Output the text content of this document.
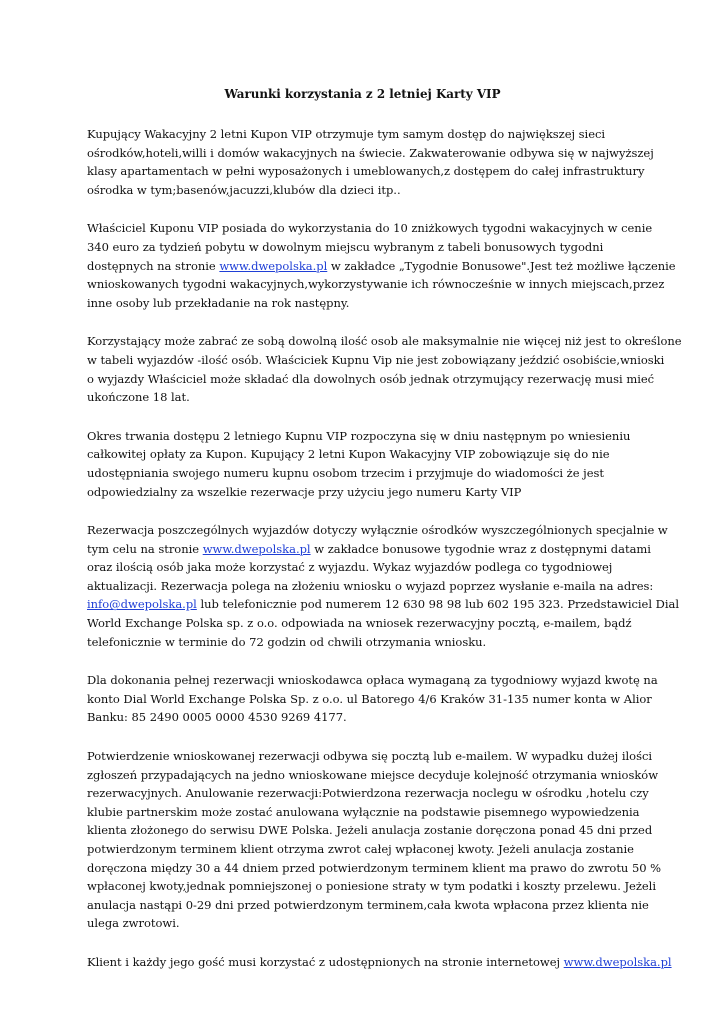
Warunki korzystania z 2 letniej Karty VIP
Kupujący Wakacyjny 2 letni Kupon VIP otrzymuje tym samym dostęp do największej sieci
ośrodków,hoteli,willi i domów wakacyjnych na świecie. Zakwaterowanie odbywa się w najwyższej
klasy apartamentach w pełni wyposażonych i umeblowanych,z dostępem do całej infrastruktury
ośrodka w tym;basenów,jacuzzi,klubów dla dzieci itp..
Właściciel Kuponu VIP posiada do wykorzystania do 10 zniżkowych tygodni wakacyjnych w cenie
340 euro za tydzień pobytu w dowolnym miejscu wybranym z tabeli bonusowych tygodni
dostępnych na stronie www.dwepolska.pl w zakładce „Tygodnie Bonusowe".Jest też możliwe łączenie
wnioskowanych tygodni wakacyjnych,wykorzystywanie ich równocześnie w innych miejscach,przez
inne osoby lub przekładanie na rok następny.
Korzystający może zabrać ze sobą dowolną ilość osob ale maksymalnie nie więcej niż jest to określone
w tabeli wyjazdów -ilość osób. Właściciek Kupnu Vip nie jest zobowiązany jeździć osobiście,wnioski
o wyjazdy Właściciel może składać dla dowolnych osób jednak otrzymujący rezerwację musi mieć
ukończone 18 lat.
Okres trwania dostępu 2 letniego Kupnu VIP rozpoczyna się w dniu następnym po wniesieniu
całkowitej opłaty za Kupon. Kupujący 2 letni Kupon Wakacyjny VIP zobowiązuje się do nie
udostępniania swojego numeru kupnu osobom trzecim i przyjmuje do wiadomości że jest
odpowiedzialny za wszelkie rezerwacje przy użyciu jego numeru Karty VIP
Rezerwacja poszczególnych wyjazdów dotyczy wyłącznie ośrodków wyszczególnionych specjalnie w
tym celu na stronie www.dwepolska.pl w zakładce bonusowe tygodnie wraz z dostępnymi datami
oraz ilością osób jaka może korzystać z wyjazdu. Wykaz wyjazdów podlega co tygodniowej
aktualizacji. Rezerwacja polega na złożeniu wniosku o wyjazd poprzez wysłanie e-maila na adres:
info@dwepolska.pl lub telefonicznie pod numerem 12 630 98 98 lub 602 195 323. Przedstawiciel Dial
World Exchange Polska sp. z o.o. odpowiada na wniosek rezerwacyjny pocztą, e-mailem, bądź
telefonicznie w terminie do 72 godzin od chwili otrzymania wniosku.
Dla dokonania pełnej rezerwacji wnioskodawca opłaca wymaganą za tygodniowy wyjazd kwotę na
konto Dial World Exchange Polska Sp. z o.o. ul Batorego 4/6 Kraków 31-135 numer konta w Alior
Banku: 85 2490 0005 0000 4530 9269 4177.
Potwierdzenie wnioskowanej rezerwacji odbywa się pocztą lub e-mailem. W wypadku dużej ilości
zgłoszeń przypadających na jedno wnioskowane miejsce decyduje kolejność otrzymania wniosków
rezerwacyjnych. Anulowanie rezerwacji:Potwierdzona rezerwacja noclegu w ośrodku ,hotelu czy
klubie partnerskim może zostać anulowana wyłącznie na podstawie pisemnego wypowiedzenia
klienta złożonego do serwisu DWE Polska. Jeżeli anulacja zostanie doręczona ponad 45 dni przed
potwierdzonym terminem klient otrzyma zwrot całej wpłaconej kwoty. Jeżeli anulacja zostanie
doręczona między 30 a 44 dniem przed potwierdzonym terminem klient ma prawo do zwrotu 50 %
wpłaconej kwoty,jednak pomniejszonej o poniesione straty w tym podatki i koszty przelewu. Jeżeli
anulacja nastąpi 0-29 dni przed potwierdzonym terminem,cała kwota wpłacona przez klienta nie
ulega zwrotowi.
Klient i każdy jego gość musi korzystać z udostępnionych na stronie internetowej www.dwepolska.pl
